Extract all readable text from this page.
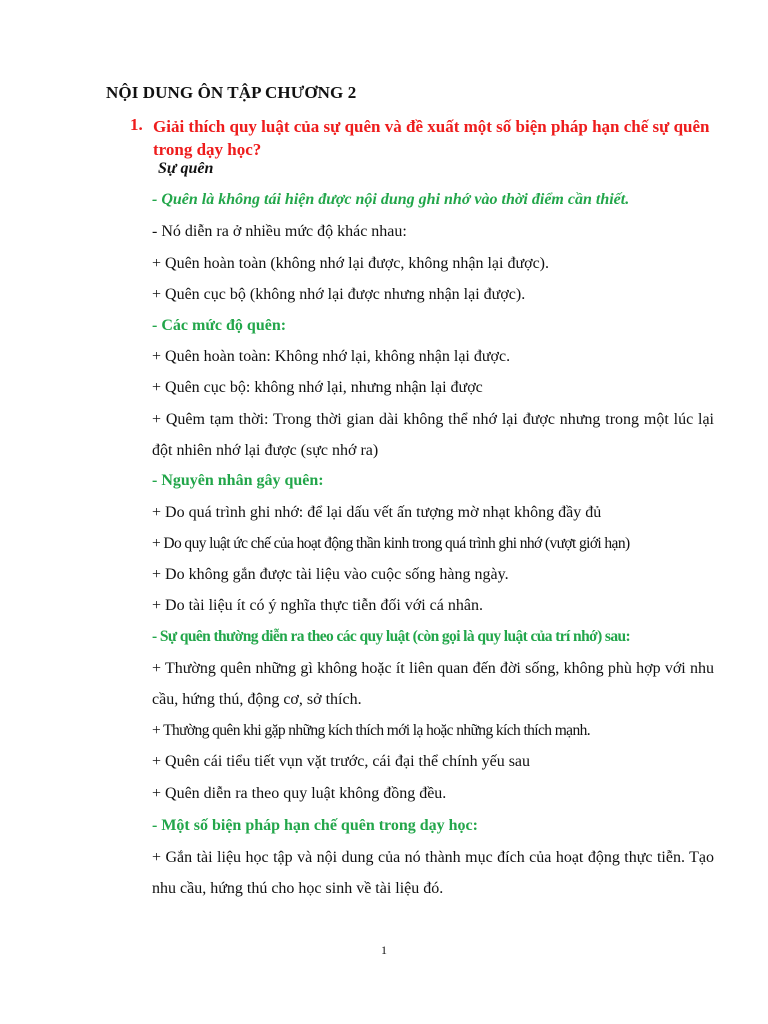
NỘI DUNG ÔN TẬP CHƯƠNG 2
1. Giải thích quy luật của sự quên và đề xuất một số biện pháp hạn chế sự quên trong dạy học?
Sự quên
- Quên là không tái hiện được nội dung ghi nhớ vào thời điểm cần thiết.
- Nó diễn ra ở nhiều mức độ khác nhau:
+ Quên hoàn toàn (không nhớ lại được, không nhận lại được).
+ Quên cục bộ (không nhớ lại được nhưng nhận lại được).
- Các mức độ quên:
+ Quên hoàn toàn: Không nhớ lại, không nhận lại được.
+ Quên cục bộ: không nhớ lại, nhưng nhận lại được
+ Quêm tạm thời: Trong thời gian dài không thể nhớ lại được nhưng trong một lúc lại đột nhiên nhớ lại được (sực nhớ ra)
- Nguyên nhân gây quên:
+ Do quá trình ghi nhớ: để lại dấu vết ấn tượng mờ nhạt không đầy đủ
+ Do quy luật ức chế của hoạt động thần kinh trong quá trình ghi nhớ (vượt giới hạn)
+ Do không gắn được tài liệu vào cuộc sống hàng ngày.
+ Do tài liệu ít có ý nghĩa thực tiễn đối với cá nhân.
- Sự quên thường diễn ra theo các quy luật (còn gọi là quy luật của trí nhớ) sau:
+ Thường quên những gì không hoặc ít liên quan đến đời sống, không phù hợp với nhu cầu, hứng thú, động cơ, sở thích.
+ Thường quên khi gặp những kích thích mới lạ hoặc những kích thích mạnh.
+ Quên cái tiểu tiết vụn vặt trước, cái đại thể chính yếu sau
+ Quên diễn ra theo quy luật không đồng đều.
- Một số biện pháp hạn chế quên trong dạy học:
+ Gắn tài liệu học tập và nội dung của nó thành mục đích của hoạt động thực tiễn. Tạo nhu cầu, hứng thú cho học sinh về tài liệu đó.
1
